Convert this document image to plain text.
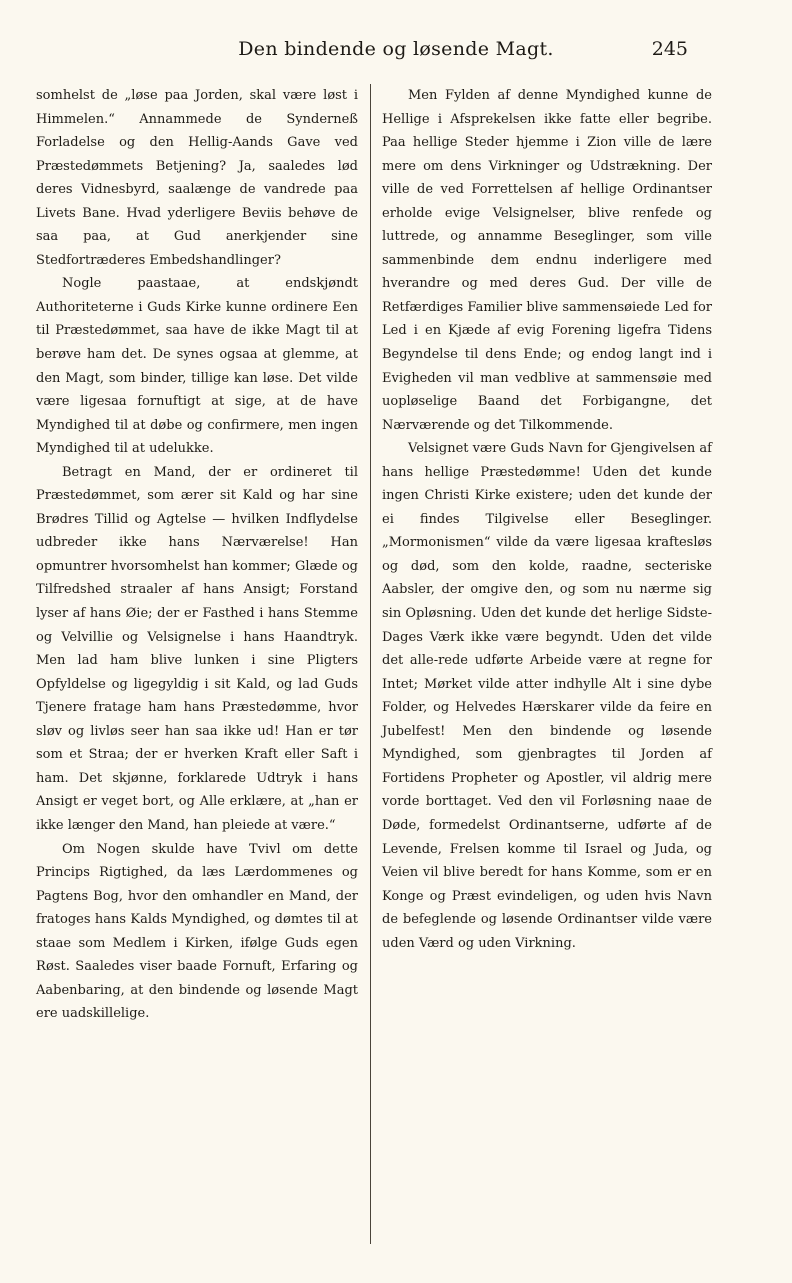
Den bindende og løsende Magt.	245

somhelst de „løse paa Jorden, skal være løst i Himmelen.“ Annammede de Synderneß Forladelse og den Hellig-Aands Gave ved Præstedømmets Betjening? Ja, saaledes lød deres Vidnesbyrd, saalænge de vandrede paa Livets Bane. Hvad yderligere Beviis behøve de saa paa, at Gud anerkjender sine Stedfortræderes Embedshandlinger?

Nogle paastaae, at endskjøndt Authoriteterne i Guds Kirke kunne ordinere Een til Præstedømmet, saa have de ikke Magt til at berøve ham det. De synes ogsaa at glemme, at den Magt, som binder, tillige kan løse. Det vilde være ligesaa fornuftigt at sige, at de have Myndighed til at døbe og confirmere, men ingen Myndighed til at udelukke.

Betragt en Mand, der er ordineret til Præstedømmet, som ærer sit Kald og har sine Brødres Tillid og Agtelse — hvilken Indflydelse udbreder ikke hans Nærværelse! Han opmuntrer hvorsomhelst han kommer; Glæde og Tilfredshed straaler af hans Ansigt; Forstand lyser af hans Øie; der er Fasthed i hans Stemme og Velvillie og Velsignelse i hans Haandtryk. Men lad ham blive lunken i sine Pligters Opfyldelse og ligegyldig i sit Kald, og lad Guds Tjenere fratage ham hans Præstedømme, hvor sløv og livløs seer han saa ikke ud! Han er tør som et Straa; der er hverken Kraft eller Saft i ham. Det skjønne, forklarede Udtryk i hans Ansigt er veget bort, og Alle erklære, at „han er ikke længer den Mand, han pleiede at være.“

Om Nogen skulde have Tvivl om dette Princips Rigtighed, da læs Lærdommenes og Pagtens Bog, hvor den omhandler en Mand, der fratoges hans Kalds Myndighed, og dømtes til at staae som Medlem i Kirken, ifølge Guds egen Røst. Saaledes viser baade Fornuft, Erfaring og Aabenbaring, at den bindende og løsende Magt ere uadskillelige.

Men Fylden af denne Myndighed kunne de Hellige i Afsprekelsen ikke fatte eller begribe. Paa hellige Steder hjemme i Zion ville de lære mere om dens Virkninger og Udstrækning. Der ville de ved Forrettelsen af hellige Ordinantser erholde evige Velsignelser, blive renfede og luttrede, og annamme Beseglinger, som ville sammenbinde dem endnu inderligere med hverandre og med deres Gud. Der ville de Retfærdiges Familier blive sammensøiede Led for Led i en Kjæde af evig Forening ligefra Tidens Begyndelse til dens Ende; og endog langt ind i Evigheden vil man vedblive at sammensøie med uopløselige Baand det Forbigangne, det Nærværende og det Tilkommende.

Velsignet være Guds Navn for Gjengivelsen af hans hellige Præstedømme! Uden det kunde ingen Christi Kirke existere; uden det kunde der ei findes Tilgivelse eller Beseglinger. „Mormonismen“ vilde da være ligesaa kraftesløs og død, som den kolde, raadne, secteriske Aabsler, der omgive den, og som nu nærme sig sin Opløsning. Uden det kunde det herlige Sidste-Dages Værk ikke være begyndt. Uden det vilde det alle-rede udførte Arbeide være at regne for Intet; Mørket vilde atter indhylle Alt i sine dybe Folder, og Helvedes Hærskarer vilde da feire en Jubelfest! Men den bindende og løsende Myndighed, som gjenbragtes til Jorden af Fortidens Propheter og Apostler, vil aldrig mere vorde borttaget. Ved den vil Forløsning naae de Døde, formedelst Ordinantserne, udførte af de Levende, Frelsen komme til Israel og Juda, og Veien vil blive beredt for hans Komme, som er en Konge og Præst evindeligen, og uden hvis Navn de befeglende og løsende Ordinantser vilde være uden Værd og uden Virkning.
